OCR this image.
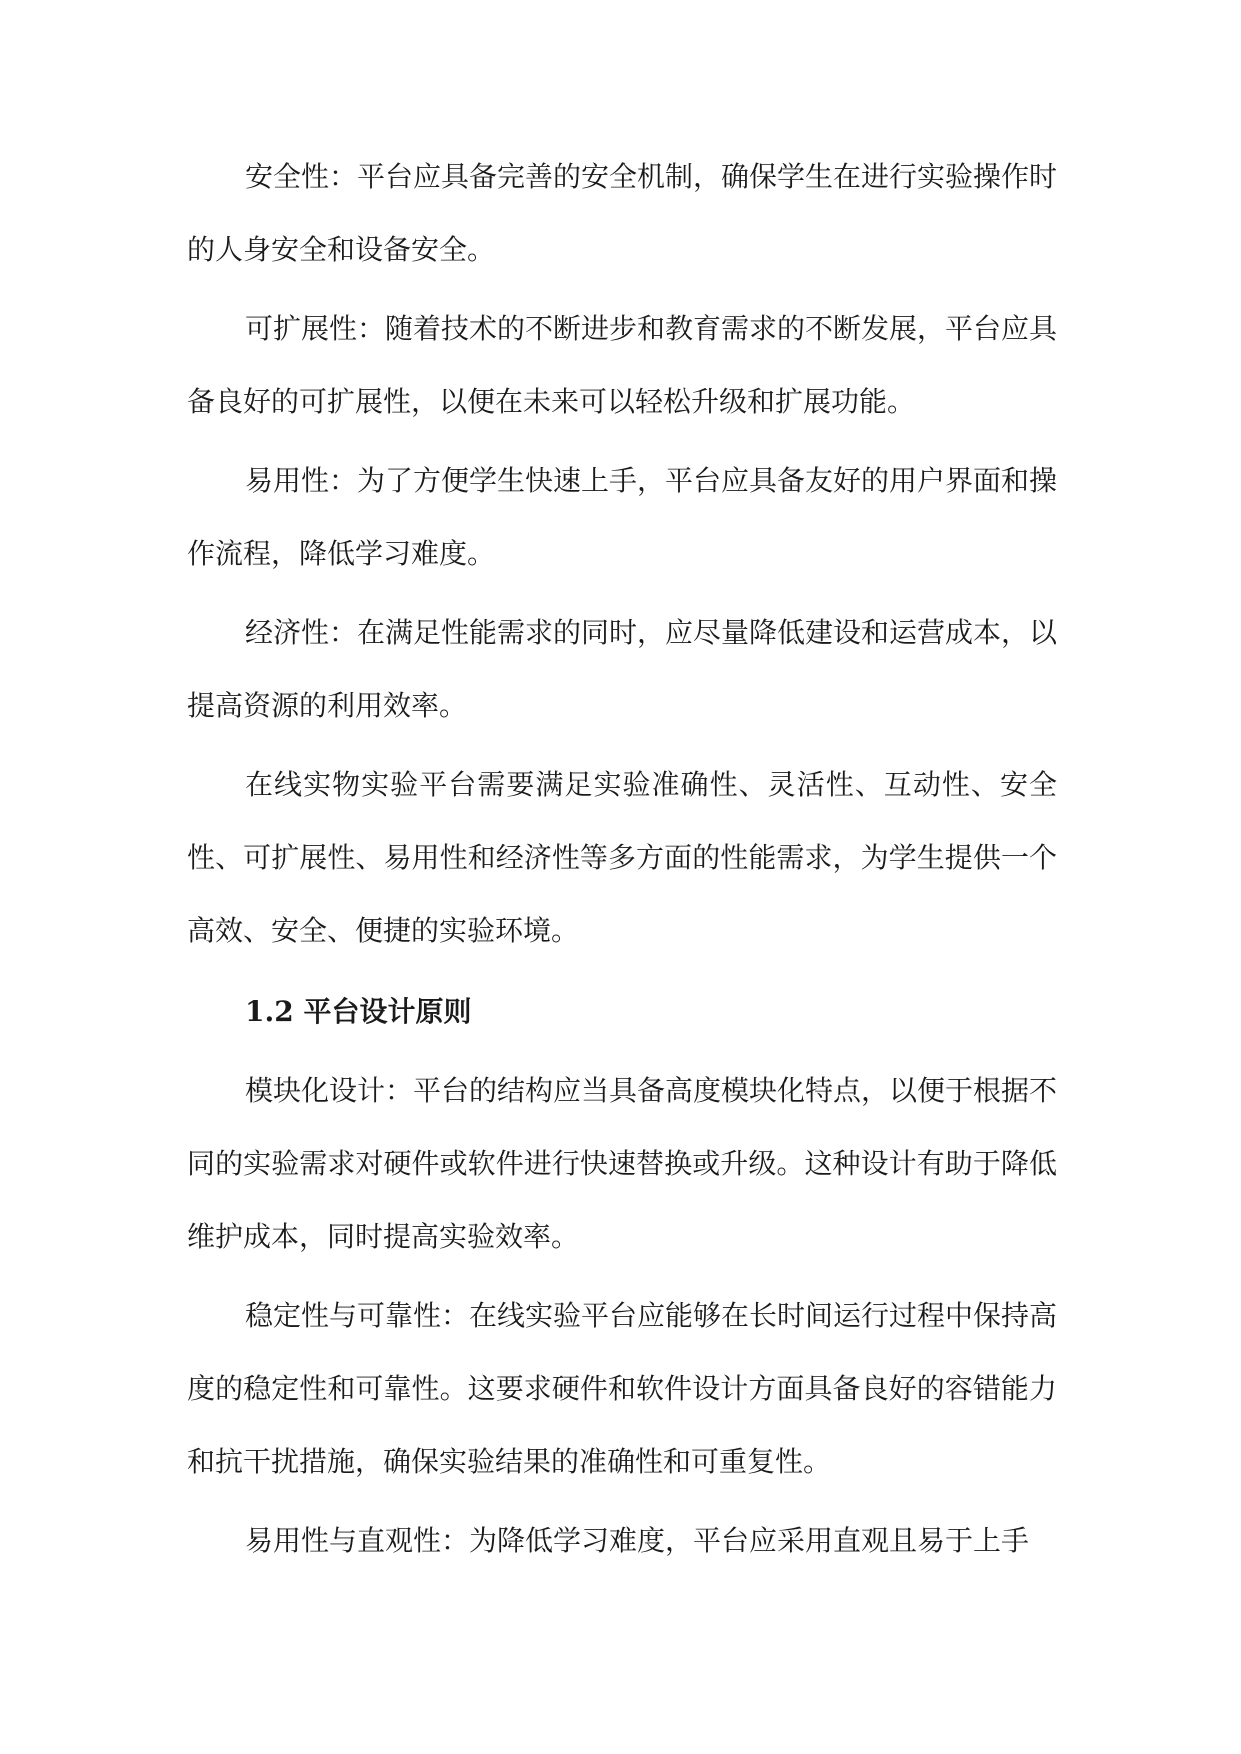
安全性：平台应具备完善的安全机制，确保学生在进行实验操作时的人身安全和设备安全。

可扩展性：随着技术的不断进步和教育需求的不断发展，平台应具备良好的可扩展性，以便在未来可以轻松升级和扩展功能。

易用性：为了方便学生快速上手，平台应具备友好的用户界面和操作流程，降低学习难度。

经济性：在满足性能需求的同时，应尽量降低建设和运营成本，以提高资源的利用效率。

在线实物实验平台需要满足实验准确性、灵活性、互动性、安全性、可扩展性、易用性和经济性等多方面的性能需求，为学生提供一个高效、安全、便捷的实验环境。

1.2 平台设计原则

模块化设计：平台的结构应当具备高度模块化特点，以便于根据不同的实验需求对硬件或软件进行快速替换或升级。这种设计有助于降低维护成本，同时提高实验效率。

稳定性与可靠性：在线实验平台应能够在长时间运行过程中保持高度的稳定性和可靠性。这要求硬件和软件设计方面具备良好的容错能力和抗干扰措施，确保实验结果的准确性和可重复性。

易用性与直观性：为降低学习难度，平台应采用直观且易于上手
